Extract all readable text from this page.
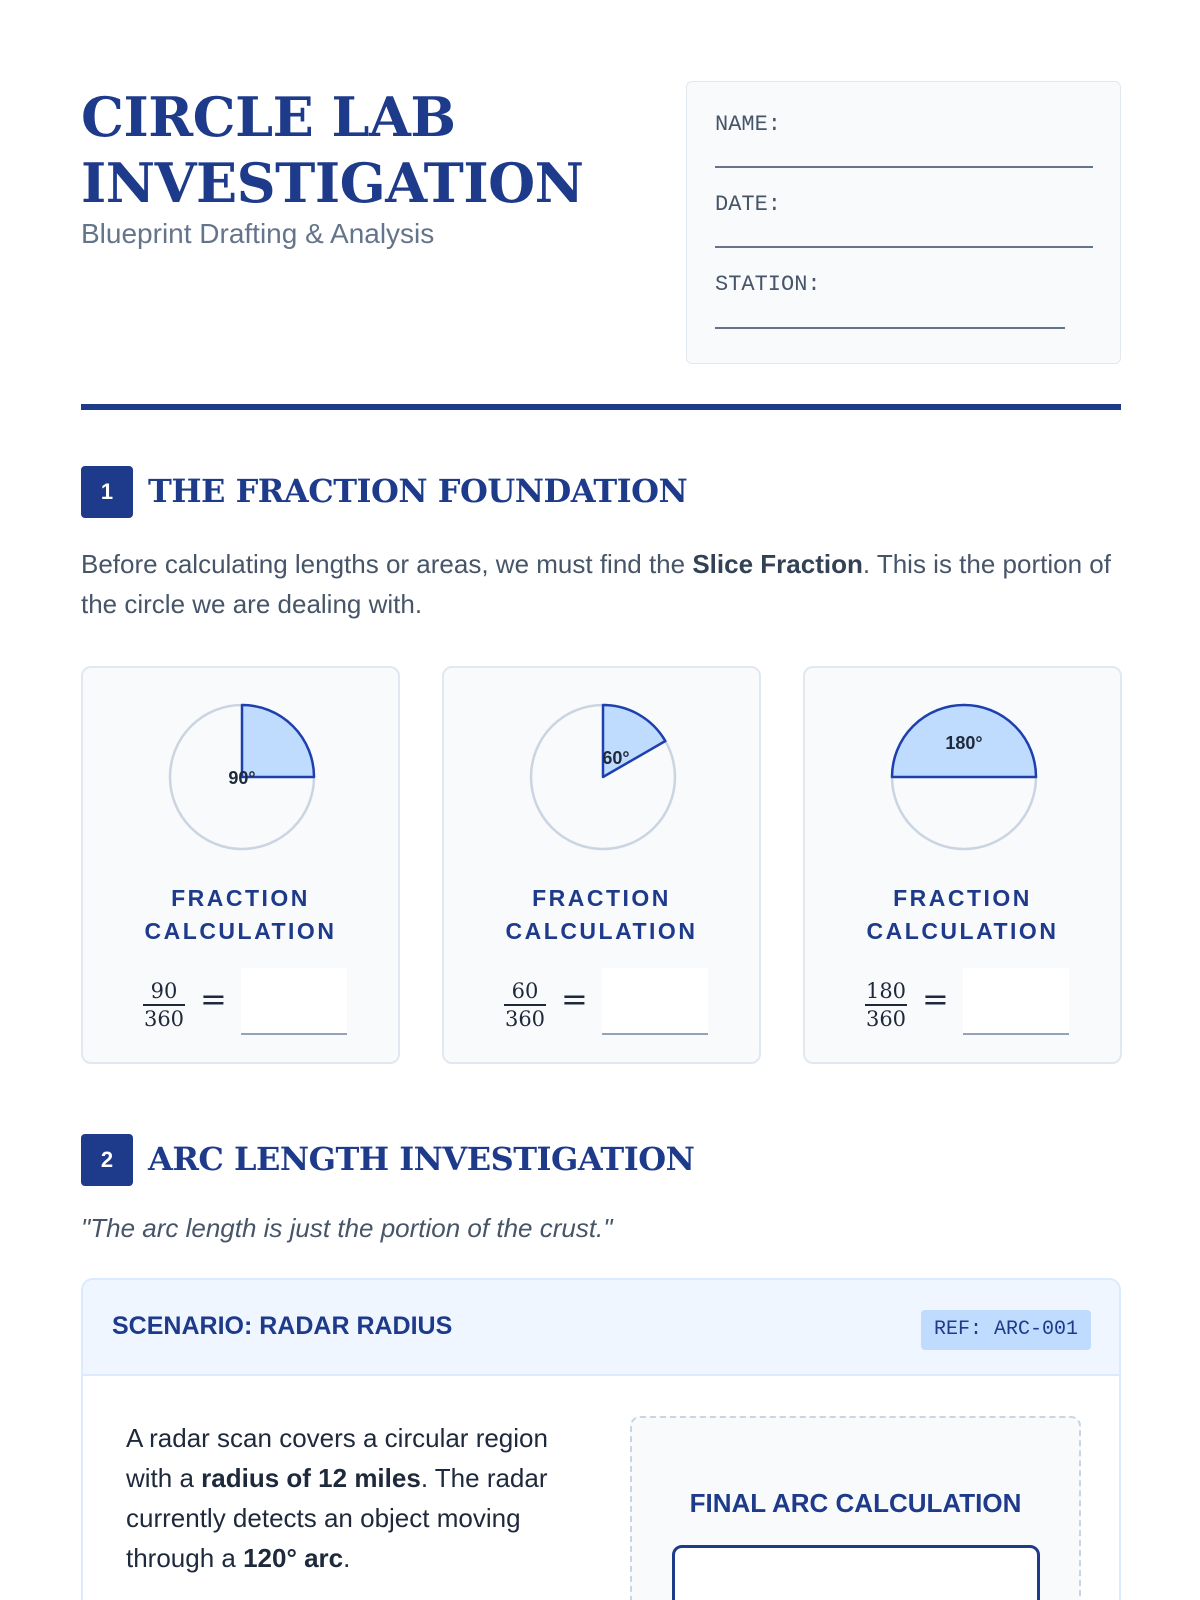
CIRCLE LAB
INVESTIGATION
Blueprint Drafting & Analysis
NAME:
DATE:
STATION:
1	THE FRACTION FOUNDATION
Before calculating lengths or areas, we must find the Slice Fraction. This is the portion of the circle we are dealing with.
90°
FRACTION
CALCULATION
90
360
=
60°
FRACTION
CALCULATION
60
360
=
180°
FRACTION
CALCULATION
180
360
=
2	ARC LENGTH INVESTIGATION
"The arc length is just the portion of the crust."
SCENARIO: RADAR RADIUS	REF: ARC-001
A radar scan covers a circular region with a radius of 12 miles. The radar currently detects an object moving through a 120° arc.
FINAL ARC CALCULATION
